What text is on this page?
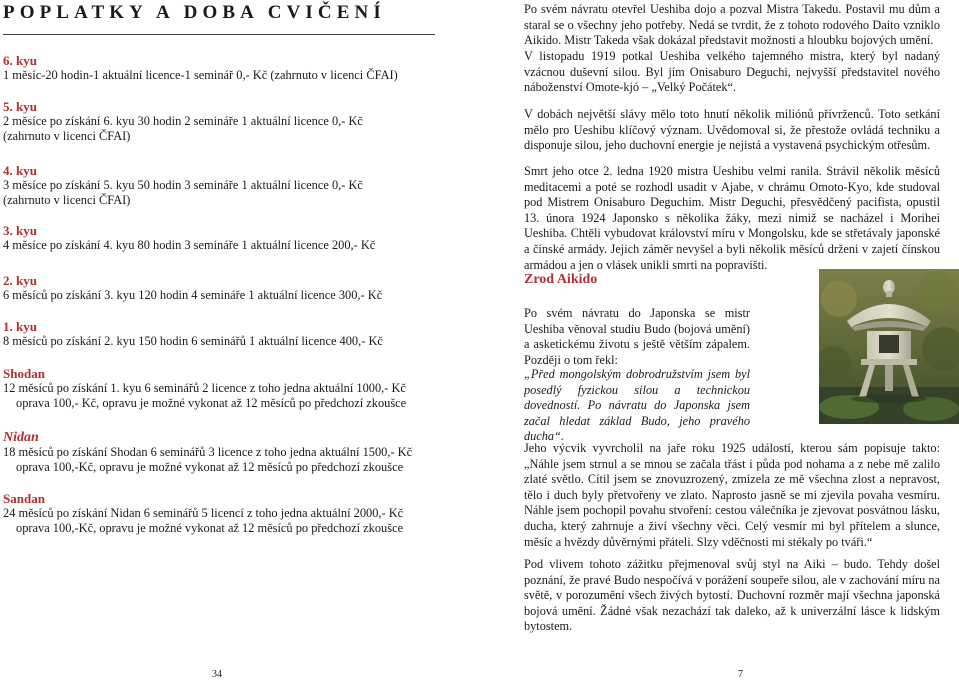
POPLATKY A DOBA CVIČENÍ
6. kyu
1 měsíc-20 hodin-1 aktuální licence-1 seminář 0,- Kč (zahrnuto v licenci ČFAI)
5. kyu
2 měsíce po získání 6. kyu 30 hodin 2 semináře 1 aktuální licence 0,- Kč
(zahrnuto v licenci ČFAI)
4. kyu
3 měsíce po získání 5. kyu 50 hodin 3 semináře 1 aktuální licence 0,- Kč
(zahrnuto v licenci ČFAI)
3. kyu
4 měsíce po získání 4. kyu 80 hodin 3 semináře 1 aktuální licence 200,- Kč
2. kyu
6 měsíců po získání 3. kyu 120 hodin 4 semináře 1 aktuální licence 300,- Kč
1. kyu
8 měsíců po získání 2. kyu 150 hodin 6 seminářů 1 aktuální licence 400,- Kč
Shodan
12 měsíců po získání 1. kyu 6 seminářů 2 licence z toho jedna aktuální 1000,- Kč
oprava 100,- Kč, opravu je možné vykonat až 12 měsíců po předchozí zkoušce
Nidan
18 měsíců po získání Shodan 6 seminářů 3 licence z toho jedna aktuální 1500,- Kč
oprava 100,-Kč, opravu je možné vykonat až 12 měsíců po předchozí zkoušce
Sandan
24 měsíců po získání Nidan 6 seminářů 5 licencí z toho jedna aktuální 2000,- Kč
oprava 100,-Kč, opravu je možné vykonat až 12 měsíců po předchozí zkoušce
34
Po svém návratu otevřel Ueshiba dojo a pozval Mistra Takedu. Postavil mu dům a staral se o všechny jeho potřeby. Nedá se tvrdit, že z tohoto rodového Daito vzniklo Aikido. Mistr Takeda však dokázal představit možnosti a hloubku bojových umění.
V listopadu 1919 potkal Ueshiba velkého tajemného mistra, který byl nadaný vzácnou duševní silou. Byl jím Onisaburo Deguchi, nejvyšší představitel nového náboženství Omote-kjó – „Velký Počátek“.
V dobách největší slávy mělo toto hnutí několik miliónů přívrženců. Toto setkání mělo pro Ueshibu klíčový význam. Uvědomoval si, že přestože ovládá techniku a disponuje silou, jeho duchovní energie je nejistá a vystavená psychickým otřesům.
Smrt jeho otce 2. ledna 1920 mistra Ueshibu velmi ranila. Strávil několik měsíců meditacemi a poté se rozhodl usadit v Ajabe, v chrámu Omoto-Kyo, kde studoval pod Mistrem Onisaburo Deguchim. Mistr Deguchi, přesvědčený pacifista, opustil 13. února 1924 Japonsko s několika žáky, mezi nimiž se nacházel i Morihei Ueshiba. Chtěli vybudovat království míru v Mongolsku, kde se střetávaly japonské a čínské armády. Jejich záměr nevyšel a byli několik měsíců drženi v zajetí čínskou armádou a jen o vlásek unikli smrti na popravišti.
Zrod Aikido
Po svém návratu do Japonska se mistr Ueshiba věnoval studiu Budo (bojová umění) a asketickému životu s ještě větším zápalem. Později o tom řekl:
„Před mongolským dobrodružstvím jsem byl posedlý fyzickou silou a technickou dovedností. Po návratu do Japonska jsem začal hledat základ Budo, jeho pravého ducha“.
Jeho výcvik vyvrcholil na jaře roku 1925 událostí, kterou sám popisuje takto: „Náhle jsem strnul a se mnou se začala třást i půda pod nohama a z nebe mě zalilo zlaté světlo. Cítil jsem se znovuzrozený, zmizela ze mě všechna zlost a nepravost, tělo i duch byly přetvořeny ve zlato. Naprosto jasně se mi zjevila povaha vesmíru. Náhle jsem pochopil povahu stvoření: cestou válečníka je zjevovat posvátnou lásku, ducha, který zahrnuje a živí všechny věci. Celý vesmír mi byl přítelem a slunce, měsíc a hvězdy důvěrnými přáteli. Slzy vděčnosti mi stékaly po tváři.“
Pod vlivem tohoto zážitku přejmenoval svůj styl na Aiki – budo. Tehdy došel poznání, že pravé Budo nespočívá v porážení soupeře silou, ale v zachování míru na světě, v porozumění všech živých bytostí. Duchovní rozměr mají všechna japonská bojová umění. Žádné však nezachází tak daleko, až k univerzální lásce k lidským bytostem.
7
